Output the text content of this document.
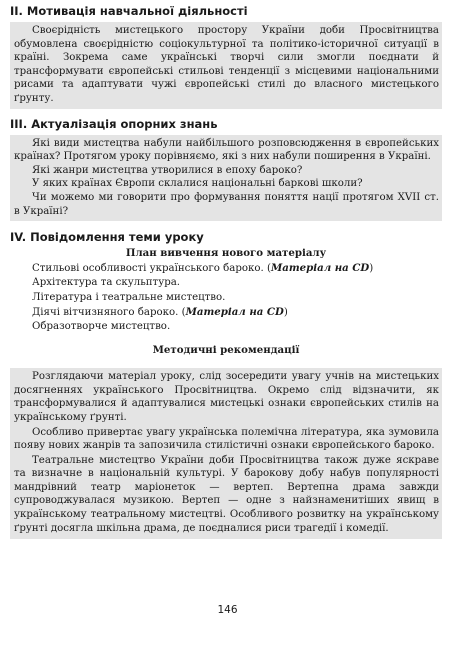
II. Мотивація навчальної діяльності

Своєрідність мистецького простору України доби Просвітництва обумовлена своєрідністю соціокультурної та політико-історичної ситуації в країні. Зокрема саме українські творчі сили змогли поєднати й трансформувати європейські стильові тенденції з місцевими національними рисами та адаптувати чужі європейські стилі до власного мистецького ґрунту.

III. Актуалізація опорних знань

Які види мистецтва набули найбільшого розповсюдження в європейських країнах? Протягом уроку порівняємо, які з них набули поширення в Україні.

Які жанри мистецтва утворилися в епоху бароко?

У яких країнах Європи склалися національні баркові школи?

Чи можемо ми говорити про формування поняття нації протягом XVII ст. в Україні?

IV. Повідомлення теми уроку
План вивчення нового матеріалу
Стильові особливості українського бароко. (Матеріал на CD)
Архітектура та скульптура.
Література і театральне мистецтво.
Діячі вітчизняного бароко. (Матеріал на CD)
Образотворче мистецтво.
Методичні рекомендації

Розглядаючи матеріал уроку, слід зосередити увагу учнів на мистецьких досягненнях українського Просвітництва. Окремо слід відзначити, як трансформувалися й адаптувалися мистецькі ознаки європейських стилів на українському ґрунті.

Особливо привертає увагу українська полемічна література, яка зумовила появу нових жанрів та запозичила стилістичні ознаки європейського бароко.

Театральне мистецтво України доби Просвітництва також дуже яскраве та визначне в національній культурі. У барокову добу набув популярності мандрівний театр маріонеток — вертеп. Вертепна драма завжди супроводжувалася музикою. Вертеп — одне з найзнаменитіших явищ в українському театральному мистецтві. Особливого розвитку на українському ґрунті досягла шкільна драма, де поєдналися риси трагедії і комедії.

146
